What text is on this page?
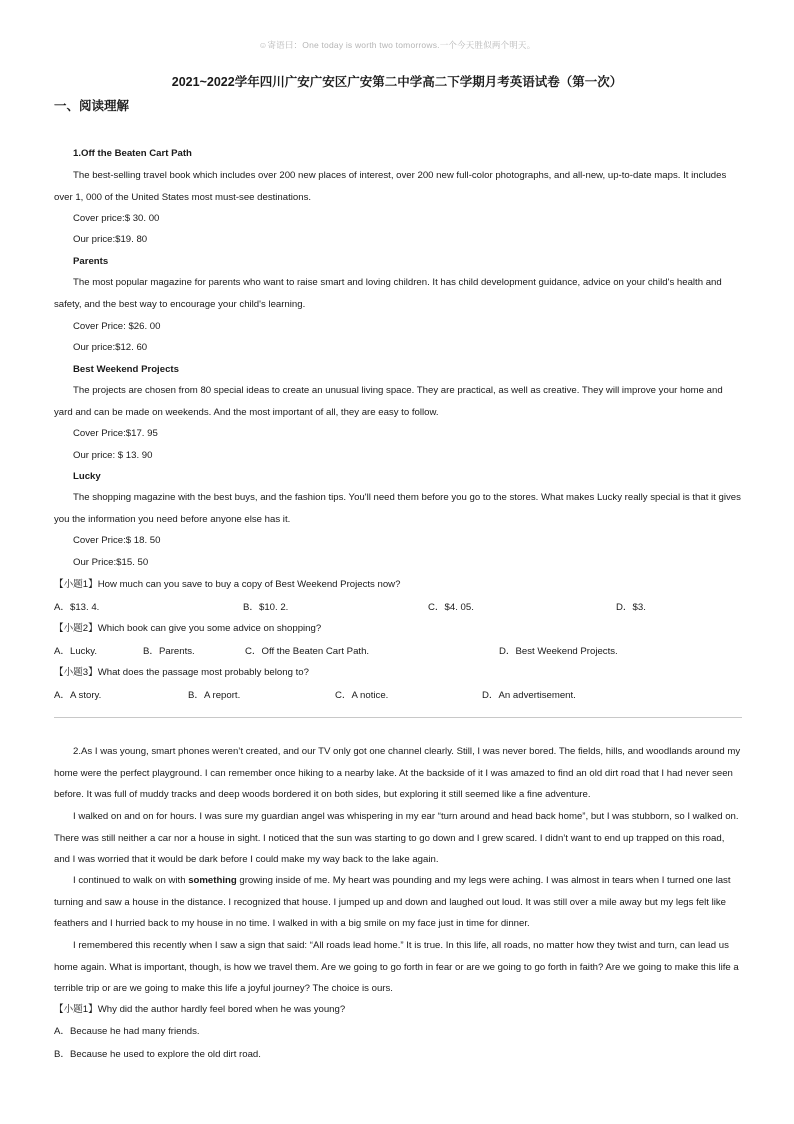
☺寄语曰：One today is worth two tomorrows.一个今天胜似两个明天。
2021~2022学年四川广安广安区广安第二中学高二下学期月考英语试卷（第一次）
一、阅读理解
1.Off the Beaten Cart Path
The best-selling travel book which includes over 200 new places of interest, over 200 new full-color photographs, and all-new, up-to-date maps. It includes over 1, 000 of the United States most must-see destinations.
Cover price:$ 30. 00
Our price:$19. 80
Parents
The most popular magazine for parents who want to raise smart and loving children. It has child development guidance, advice on your child's health and safety, and the best way to encourage your child's learning.
Cover Price: $26. 00
Our price:$12. 60
Best Weekend Projects
The projects are chosen from 80 special ideas to create an unusual living space. They are practical, as well as creative. They will improve your home and yard and can be made on weekends. And the most important of all, they are easy to follow.
Cover Price:$17. 95
Our price: $ 13. 90
Lucky
The shopping magazine with the best buys, and the fashion tips. You'll need them before you go to the stores. What makes Lucky really special is that it gives you the information you need before anyone else has it.
Cover Price:$ 18. 50
Our Price:$15. 50
【小题1】How much can you save to buy a copy of Best Weekend Projects now?
A．$13. 4.	B．$10. 2.	C．$4. 05.	D．$3.
【小题2】Which book can give you some advice on shopping?
A．Lucky.	B．Parents.	C．Off the Beaten Cart Path.	D．Best Weekend Projects.
【小题3】What does the passage most probably belong to?
A．A story.	B．A report.	C．A notice.	D．An advertisement.
2.As I was young, smart phones weren’t created, and our TV only got one channel clearly. Still, I was never bored. The fields, hills, and woodlands around my home were the perfect playground. I can remember once hiking to a nearby lake. At the backside of it I was amazed to find an old dirt road that I had never seen before. It was full of muddy tracks and deep woods bordered it on both sides, but exploring it still seemed like a fine adventure.
I walked on and on for hours. I was sure my guardian angel was whispering in my ear “turn around and head back home”, but I was stubborn, so I walked on. There was still neither a car nor a house in sight. I noticed that the sun was starting to go down and I grew scared. I didn’t want to end up trapped on this road, and I was worried that it would be dark before I could make my way back to the lake again.
I continued to walk on with something growing inside of me. My heart was pounding and my legs were aching. I was almost in tears when I turned one last turning and saw a house in the distance. I recognized that house. I jumped up and down and laughed out loud. It was still over a mile away but my legs felt like feathers and I hurried back to my house in no time. I walked in with a big smile on my face just in time for dinner.
I remembered this recently when I saw a sign that said: “All roads lead home.” It is true. In this life, all roads, no matter how they twist and turn, can lead us home again. What is important, though, is how we travel them. Are we going to go forth in fear or are we going to go forth in faith? Are we going to make this life a terrible trip or are we going to make this life a joyful journey? The choice is ours.
【小题1】Why did the author hardly feel bored when he was young?
A．Because he had many friends.
B．Because he used to explore the old dirt road.
